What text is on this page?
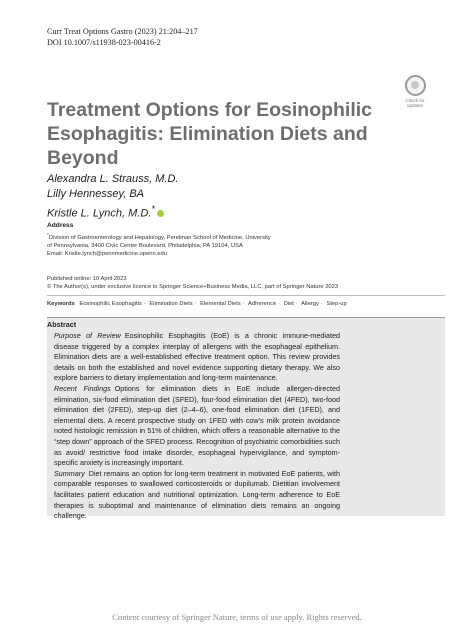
Curr Treat Options Gastro (2023) 21:204–217
DOI 10.1007/s11938-023-00416-2
Check for
updates
Treatment Options for Eosinophilic Esophagitis: Elimination Diets and Beyond
Alexandra L. Strauss, M.D.
Lilly Hennessey, BA
Kristle L. Lynch, M.D.*
Address
*Division of Gastroenterology and Hepatology, Perelman School of Medicine, University
of Pennsylvania, 3400 Civic Center Boulevard, Philadelphia, PA 19104, USA
Email: Kristle.lynch@pennmedicine.upenn.edu
Published online: 10 April 2023
© The Author(s), under exclusive licence to Springer Science+Business Media, LLC, part of Springer Nature 2023
Keywords Eosinophilic Esophagitis · Elimination Diets · Elemental Diets · Adherence · Diet · Allergy · Step-up
Abstract

Purpose of Review Eosinophilic Esophagitis (EoE) is a chronic immune-mediated disease triggered by a complex interplay of allergens with the esophageal epithelium. Elimination diets are a well-established effective treatment option. This review provides details on both the established and novel evidence supporting dietary therapy. We also explore barriers to dietary implementation and long-term maintenance.

Recent Findings Options for elimination diets in EoE include allergen-directed elimination, six-food elimination diet (SFED), four-food elimination diet (4FED), two-food elimination diet (2FED), step-up diet (2–4–6), one-food elimination diet (1FED), and elemental diets. A recent prospective study on 1FED with cow’s milk protein avoidance noted histologic remission in 51% of children, which offers a reasonable alternative to the “step down” approach of the SFED process. Recognition of psychiatric comorbidities such as avoid/ restrictive food intake disorder, esophageal hypervigilance, and symptom-specific anxiety is increasingly important.

Summary Diet remains an option for long-term treatment in motivated EoE patients, with comparable responses to swallowed corticosteroids or dupilumab. Dietitian involvement facilitates patient education and nutritional optimization. Long-term adherence to EoE therapies is suboptimal and maintenance of elimination diets remains an ongoing challenge.

Content courtesy of Springer Nature, terms of use apply. Rights reserved.
